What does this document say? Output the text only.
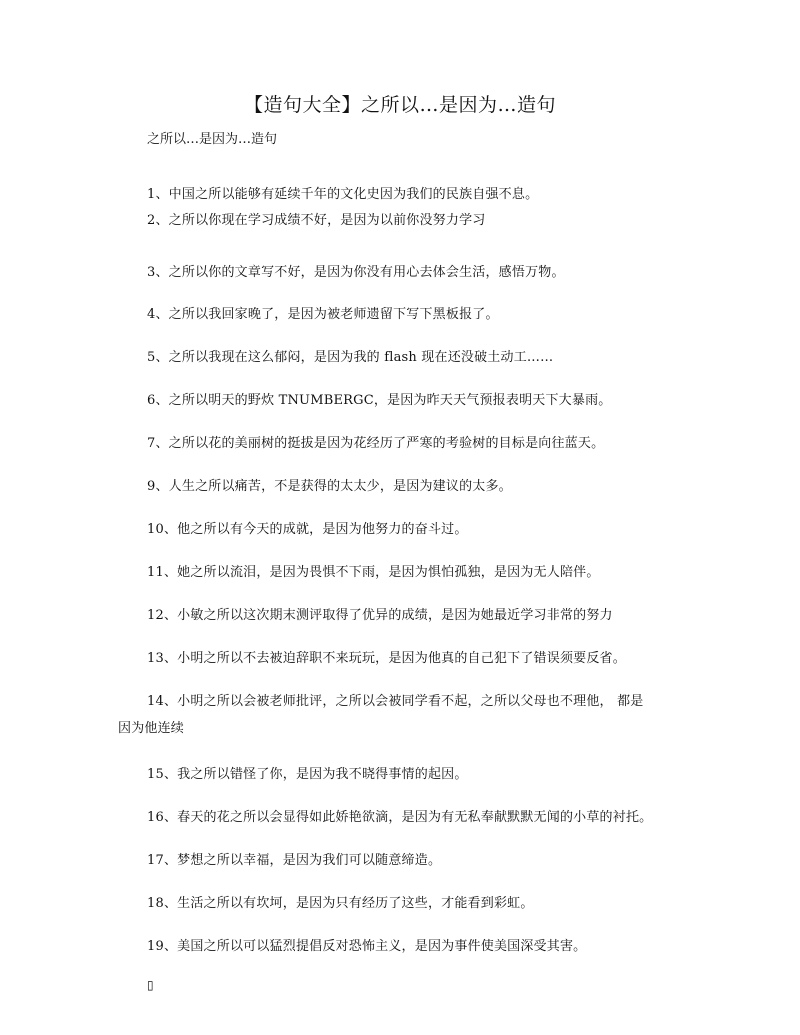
【造句大全】之所以…是因为…造句
之所以…是因为…造句
1、中国之所以能够有延续千年的文化史因为我们的民族自强不息。
2、之所以你现在学习成绩不好，是因为以前你没努力学习
3、之所以你的文章写不好，是因为你没有用心去体会生活，感悟万物。
4、之所以我回家晚了，是因为被老师遗留下写下黑板报了。
5、之所以我现在这么郁闷，是因为我的 flash 现在还没破土动工……
6、之所以明天的野炊 TNUMBERGC，是因为昨天天气预报表明天下大暴雨。
7、之所以花的美丽树的挺拔是因为花经历了严寒的考验树的目标是向往蓝天。
9、人生之所以痛苦，不是获得的太太少，是因为建议的太多。
10、他之所以有今天的成就，是因为他努力的奋斗过。
11、她之所以流泪，是因为畏惧不下雨，是因为惧怕孤独，是因为无人陪伴。
12、小敏之所以这次期末测评取得了优异的成绩，是因为她最近学习非常的努力
13、小明之所以不去被迫辞职不来玩玩，是因为他真的自己犯下了错误须要反省。
14、小明之所以会被老师批评，之所以会被同学看不起，之所以父母也不理他， 都是
因为他连续
15、我之所以错怪了你，是因为我不晓得事情的起因。
16、春天的花之所以会显得如此娇艳欲滴，是因为有无私奉献默默无闻的小草的衬托。
17、梦想之所以幸福，是因为我们可以随意缔造。
18、生活之所以有坎坷，是因为只有经历了这些，才能看到彩虹。
19、美国之所以可以猛烈提倡反对恐怖主义，是因为事件使美国深受其害。
▯
